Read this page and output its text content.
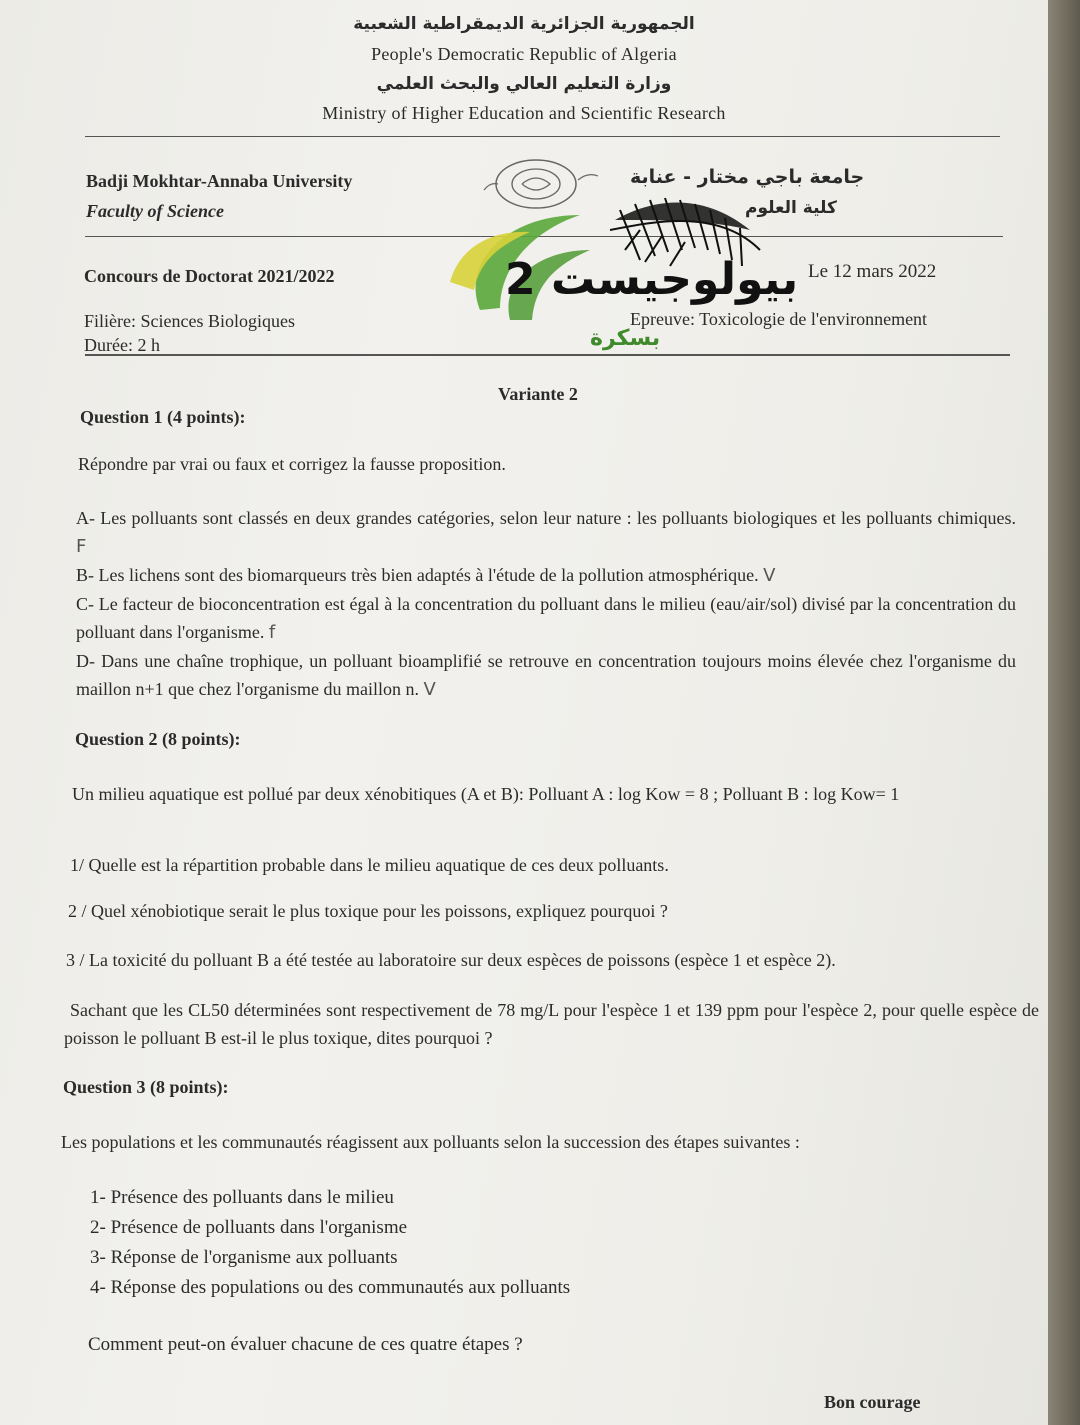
الجمهورية الجزائرية الديمقراطية الشعبية
People's Democratic Republic of Algeria
وزارة التعليم العالي والبحث العلمي
Ministry of Higher Education and Scientific Research
Badji Mokhtar-Annaba University
Faculty of Science
جامعة باجي مختار - عنابة
كلية العلوم
Concours de Doctorat 2021/2022	Le 12 mars 2022
Filière: Sciences Biologiques
Durée: 2 h
Epreuve: Toxicologie de l'environnement
بيولوجيست 2
بسكرة
Variante 2
Question 1 (4 points):
Répondre par vrai ou faux et corrigez la fausse proposition.

A- Les polluants sont classés en deux grandes catégories, selon leur nature : les polluants biologiques et les polluants chimiques. F

B- Les lichens sont des biomarqueurs très bien adaptés à l'étude de la pollution atmosphérique. V

C- Le facteur de bioconcentration est égal à la concentration du polluant dans le milieu (eau/air/sol) divisé par la concentration du polluant dans l'organisme. f

D- Dans une chaîne trophique, un polluant bioamplifié se retrouve en concentration toujours moins élevée chez l'organisme du maillon n+1 que chez l'organisme du maillon n. V

Question 2 (8 points):

Un milieu aquatique est pollué par deux xénobitiques (A et B): Polluant A : log Kow = 8 ; Polluant B : log Kow= 1

1/ Quelle est la répartition probable dans le milieu aquatique de ces deux polluants.
2 / Quel xénobiotique serait le plus toxique pour les poissons, expliquez pourquoi ?
3 / La toxicité du polluant B a été testée au laboratoire sur deux espèces de poissons (espèce 1 et espèce 2).

Sachant que les CL50 déterminées sont respectivement de 78 mg/L pour l'espèce 1 et 139 ppm pour l'espèce 2, pour quelle espèce de poisson le polluant B est-il le plus toxique, dites pourquoi ?

Question 3 (8 points):
Les populations et les communautés réagissent aux polluants selon la succession des étapes suivantes :
1- Présence des polluants dans le milieu
2- Présence de polluants dans l'organisme
3- Réponse de l'organisme aux polluants
4- Réponse des populations ou des communautés aux polluants
Comment peut-on évaluer chacune de ces quatre étapes ?
Bon courage
